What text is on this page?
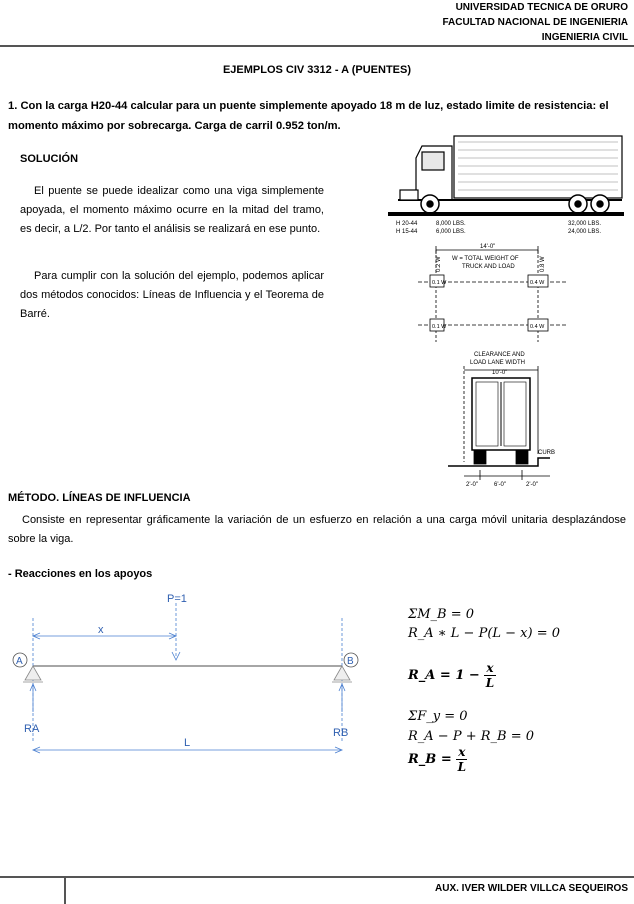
UNIVERSIDAD TECNICA DE ORURO
FACULTAD NACIONAL DE INGENIERIA
INGENIERIA CIVIL
EJEMPLOS CIV 3312 - A (PUENTES)
1. Con la carga H20-44 calcular para un puente simplemente apoyado 18 m de luz, estado limite de resistencia: el momento máximo por sobrecarga. Carga de carril 0.952 ton/m.
SOLUCIÓN
El puente se puede idealizar como una viga simplemente apoyada, el momento máximo ocurre en la mitad del tramo, es decir, a L/2. Por tanto el análisis se realizará en ese punto.
Para cumplir con la solución del ejemplo, podemos aplicar dos métodos conocidos: Líneas de Influencia y el Teorema de Barré.
H 20-44
H 15-44
8,000 LBS.
6,000 LBS.
32,000 LBS.
24,000 LBS.
14'-0"
W = TOTAL WEIGHT OF
TRUCK AND LOAD
0.2 W	0.8 W
0.1 W	0.4 W
0.1 W	0.4 W
CLEARANCE AND
LOAD LANE WIDTH
10'-0"
CURB
2'-0"	6'-0"	2'-0"
MÉTODO. LÍNEAS DE INFLUENCIA
Consiste en representar gráficamente la variación de un esfuerzo en relación a una carga móvil unitaria desplazándose sobre la viga.
- Reacciones en los apoyos
P=1
x
A	B
RA	RB
L
ΣM_B = 0
R_A ∗ L − P(L − x) = 0
R_A = $1 - \frac{x}{L}$
ΣF_y = 0
R_A − P + R_B = 0
R_B = $\frac{x}{L}$
AUX. IVER WILDER VILLCA SEQUEIROS
